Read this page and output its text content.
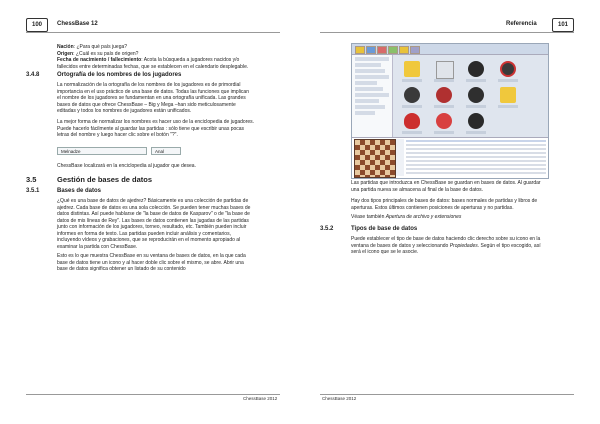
100	ChessBase 12
Nación: ¿Para qué país juega?
Origen: ¿Cuál es su país de origen?
Fecha de nacimiento / fallecimiento: Acota la búsqueda a jugadores nacidos y/o
fallecidos entre determinadas fechas, que se establecen en el calendario desplegable.
3.4.8	Ortografía de los nombres de los jugadores
La normalización de la ortografía de los nombres de los jugadores es de primordial
importancia en el uso práctico de una base de datos. Todas las funciones que implican
el nombre de los jugadores se fundamentan en una ortografía unificada. Las grandes
bases de datos que ofrece ChessBase – Big y Mega –han sido meticulosamente
editadas y todos los nombres de jugadores están unificados.
La mejor forma de normalizar los nombres es hacer uso de la enciclopedia de jugadores.
Puede hacerlo fácilmente al guardar las partidas : sólo tiene que escribir unas pocas
letras del nombre y luego hacer clic sobre el botón "?".
Melnadze	Anal
ChessBase localizará en la enciclopedia al jugador que desea.
3.5	Gestión de bases de datos
3.5.1	Bases de datos
¿Qué es una base de datos de ajedrez? Básicamente es una colección de partidas de
ajedrez. Cada base de datos es una sola colección. Se pueden tener muchas bases de
datos distintas. Así puede hablarse de "la base de datos de Kasparov" o de "la base de
datos de mis líneas de Rey". Las bases de datos contienen las jugadas de las partidas
junto con información de los jugadores, torneo, resultado, etc. También pueden incluir
informes en forma de texto. Las partidas pueden incluir análisis y comentarios,
incluyendo vídeos y grabaciones, que se reproducirán en el momento apropiado al
examinar la partida con ChessBase.
Esto es lo que muestra ChessBase en su ventana de bases de datos, en la que cada
base de datos tiene un icono y al hacer doble clic sobre el mismo, se abre. Abrir una
base de datos significa obtener un listado de su contenido
ChessBase 2012
Referencia	101
ChessBase 2012
Las partidas que introduzca en ChessBase se guardan en bases de datos. Al guardar
una partida nueva se almacena al final de la base de datos.
Hay dos tipos principales de bases de datos: bases normales de partidas y libros de
aperturas. Estos últimos contienen posiciones de aperturas y no partidas.
Véase también Apertura de archivo y extensiones
3.5.2	Tipos de base de datos
Puede establecer el tipo de base de datos haciendo clic derecho sobre su icono en la
ventana de bases de datos y seleccionando Propiedades. Según el tipo escogido, así
será el icono que se le asocie.
